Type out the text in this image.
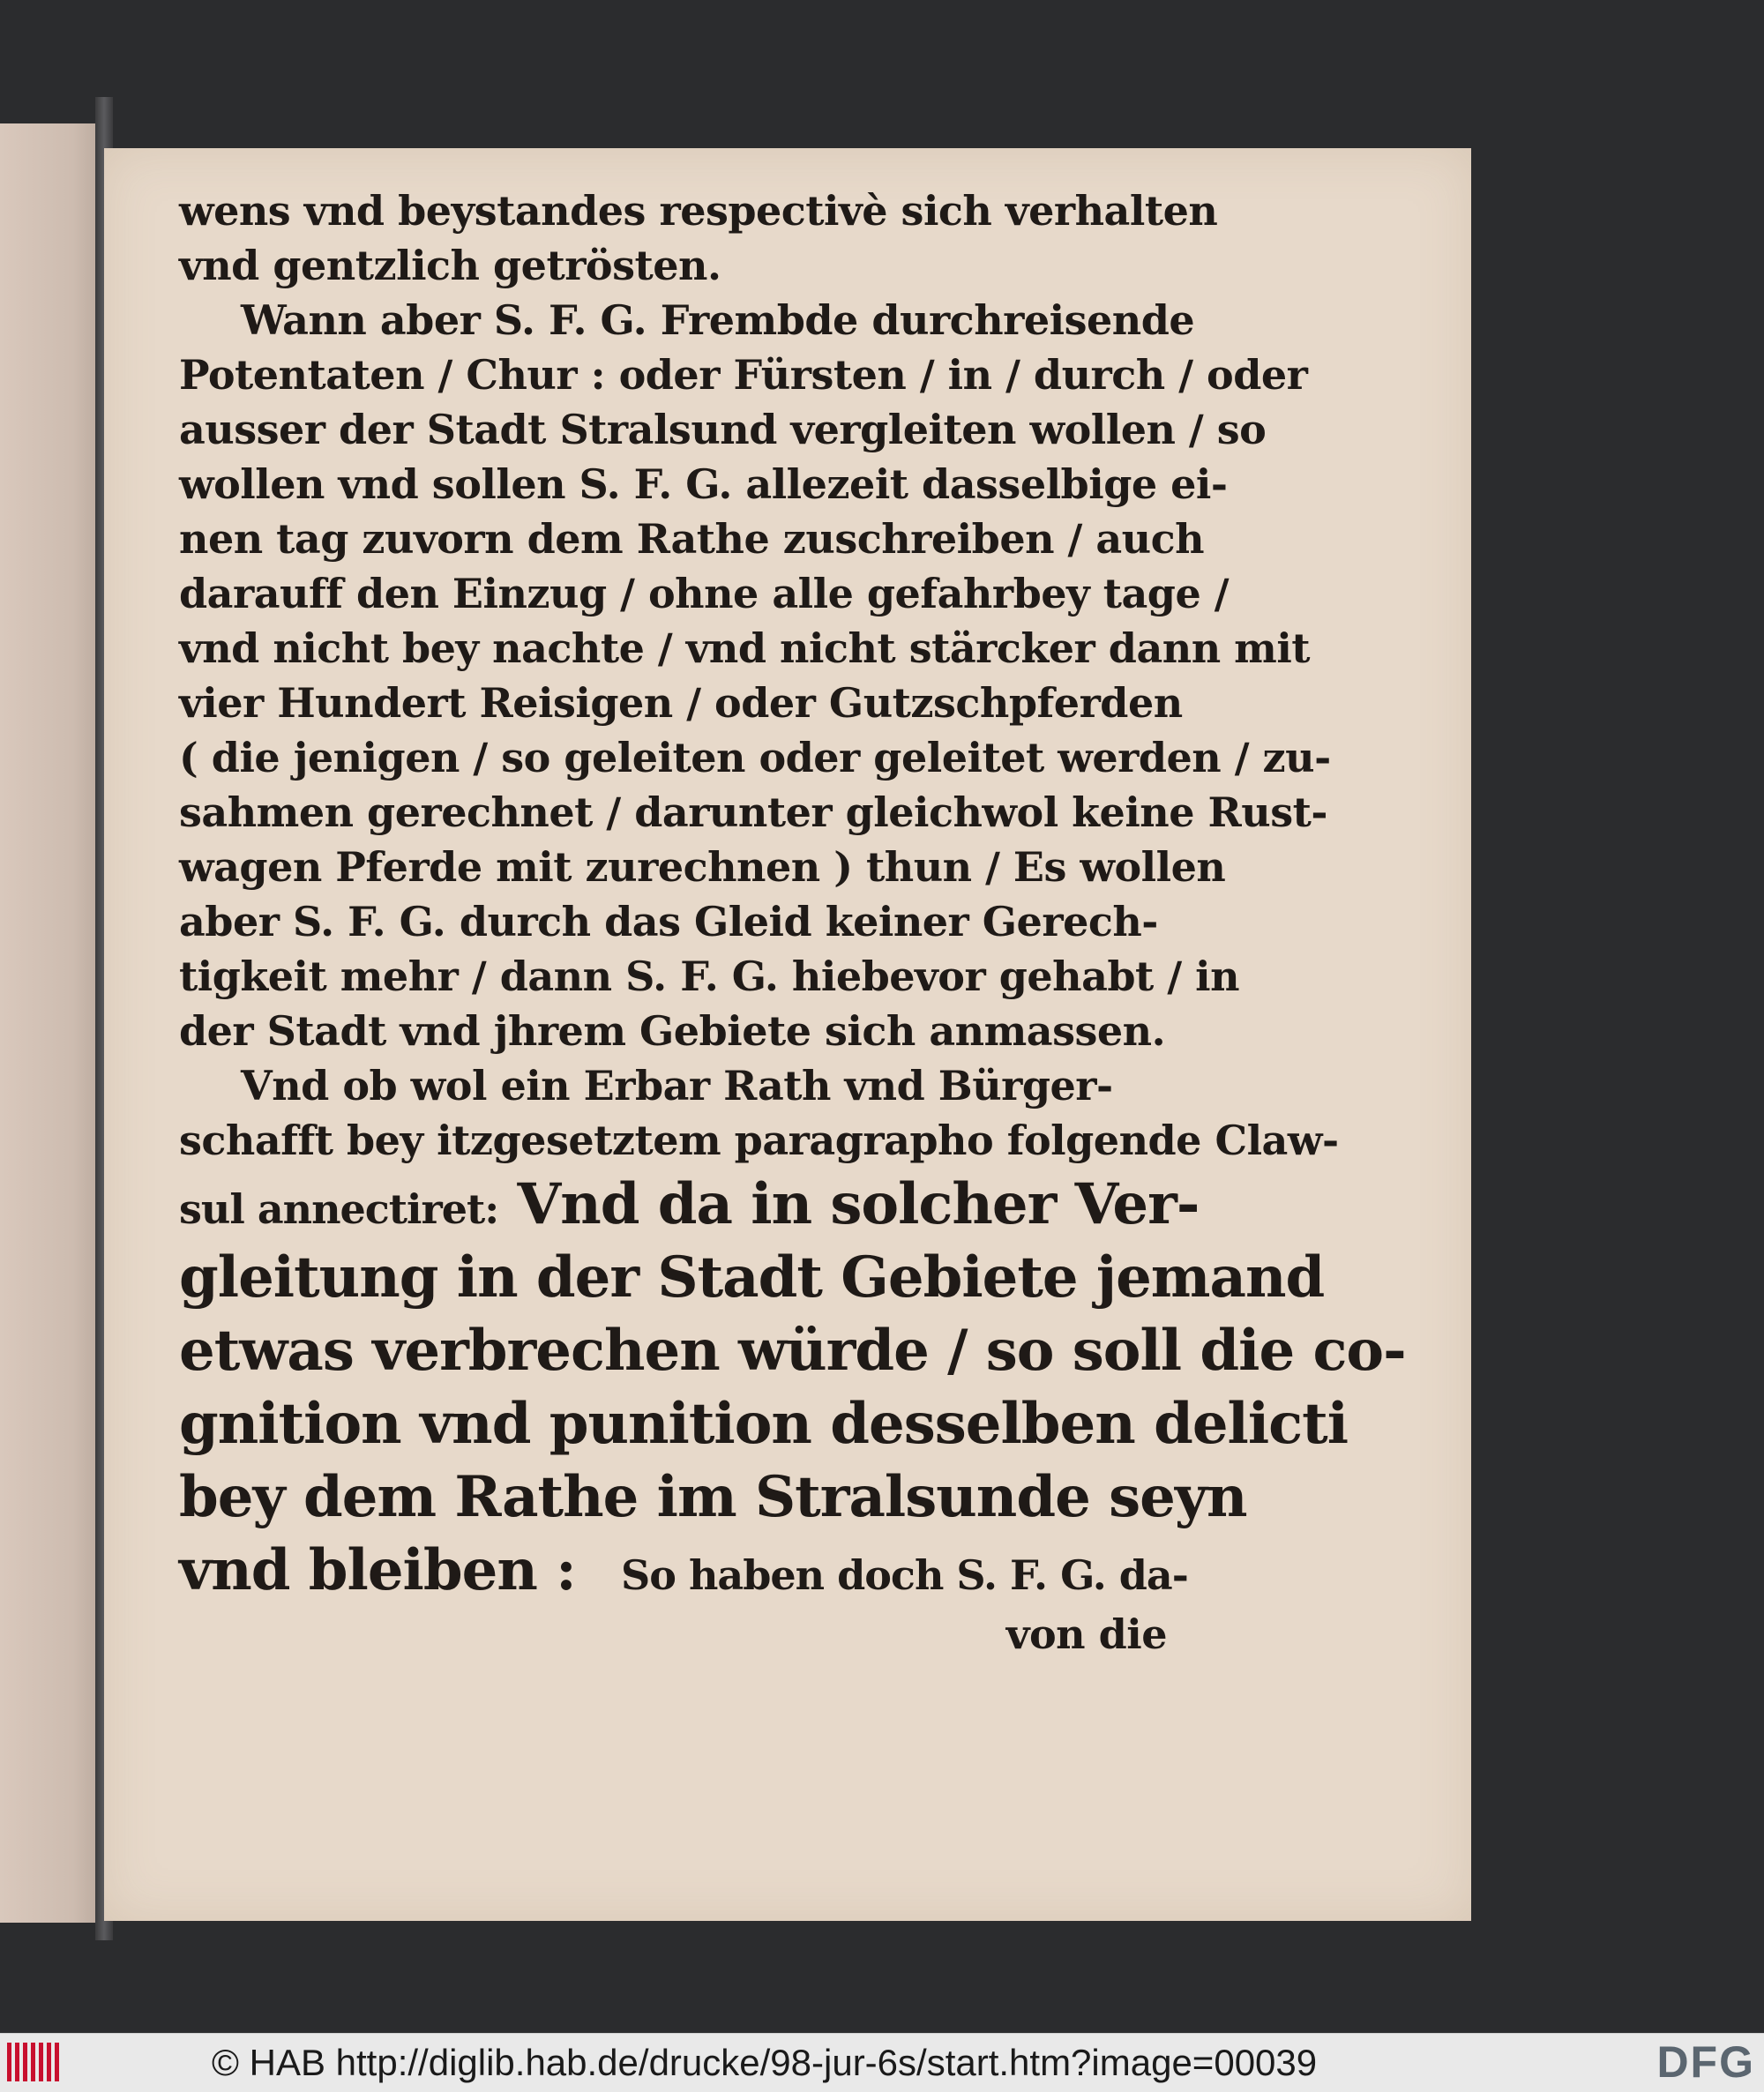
wens vnd beystandes respectivè sich verhalten
vnd gentzlich getrösten.
Wann aber S. F. G. Frembde durchreisende
Potentaten / Chur : oder Fürsten / in / durch / oder
ausser der Stadt Stralsund vergleiten wollen / so
wollen vnd sollen S. F. G. allezeit dasselbige ei-
nen tag zuvorn dem Rathe zuschreiben / auch
darauff den Einzug / ohne alle gefahrbey tage /
vnd nicht bey nachte / vnd nicht stärcker dann mit
vier Hundert Reisigen / oder Gutzschpferden
( die jenigen / so geleiten oder geleitet werden / zu-
sahmen gerechnet / darunter gleichwol keine Rust-
wagen Pferde mit zurechnen ) thun / Es wollen
aber S. F. G. durch das Gleid keiner Gerech-
tigkeit mehr / dann S. F. G. hiebevor gehabt / in
der Stadt vnd jhrem Gebiete sich anmassen.
Vnd ob wol ein Erbar Rath vnd Bürger-
schafft bey itzgesetztem paragrapho folgende Claw-
sul annectiret: Vnd da in solcher Ver-
gleitung in der Stadt Gebiete jemand
etwas verbrechen würde / so soll die co-
gnition vnd punition desselben delicti
bey dem Rathe im Stralsunde seyn
vnd bleiben : So haben doch S. F. G. da-
von die
© HAB http://diglib.hab.de/drucke/98-jur-6s/start.htm?image=00039	DFG
